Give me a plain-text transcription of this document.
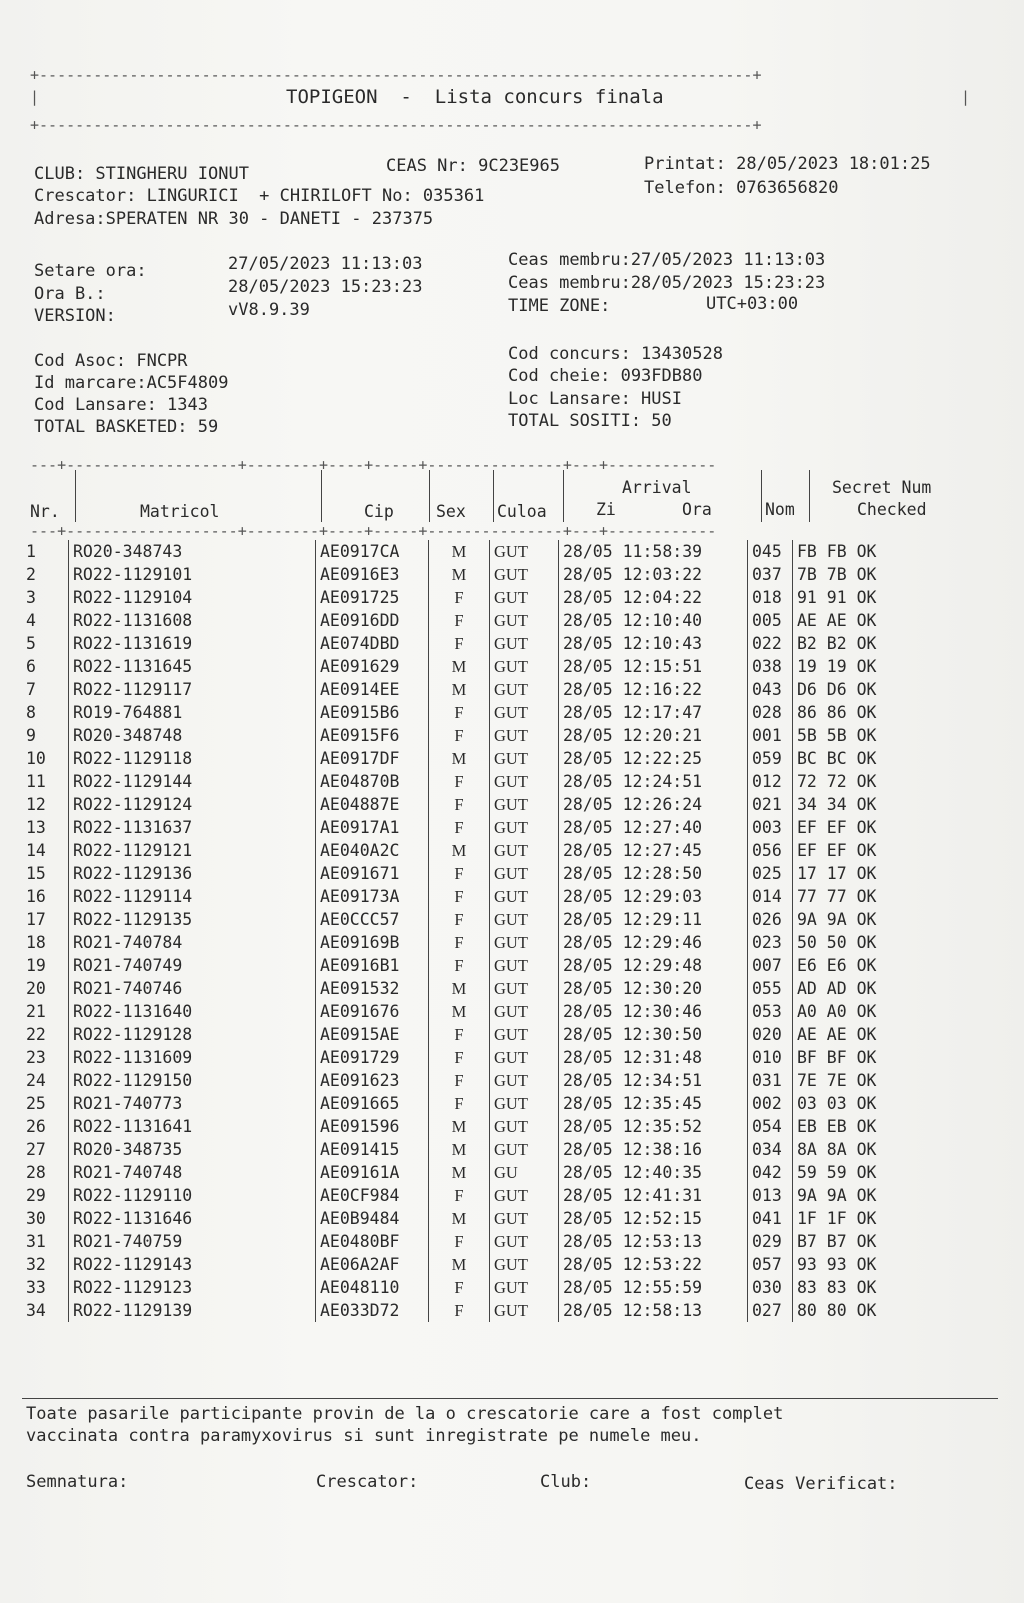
+-------------------------------------------------------------------------------+
|	|
+-------------------------------------------------------------------------------+
TOPIGEON - Lista concurs finala
CLUB: STINGHERU IONUT	CEAS Nr: 9C23E965	Printat: 28/05/2023 18:01:25
Crescator: LINGURICI  + CHIRILOFT No: 035361	Telefon: 0763656820
Adresa:SPERATEN NR 30 - DANETI - 237375
Setare ora:	27/05/2023 11:13:03
Ora B.:	28/05/2023 15:23:23
VERSION:	vV8.9.39
Ceas membru:27/05/2023 11:13:03
Ceas membru:28/05/2023 15:23:23
TIME ZONE:	UTC+03:00
Cod Asoc: FNCPR
Id marcare:AC5F4809
Cod Lansare: 1343
TOTAL BASKETED: 59
Cod concurs: 13430528
Cod cheie: 093FDB80
Loc Lansare: HUSI
TOTAL SOSITI: 50
---+-------------------+--------+----+-----+---------------+---+------------
---+-------------------+--------+----+-----+---------------+---+------------
Nr.	Matricol	Cip	Sex Culoa
Arrival
Zi	Ora	Nom
Secret Num
Checked
1	RO20-348743	AE0917CA	M	GUT	28/05 11:58:39	045	FB FB OK
2	RO22-1129101	AE0916E3	M	GUT	28/05 12:03:22	037	7B 7B OK
3	RO22-1129104	AE091725	F	GUT	28/05 12:04:22	018	91 91 OK
4	RO22-1131608	AE0916DD	F	GUT	28/05 12:10:40	005	AE AE OK
5	RO22-1131619	AE074DBD	F	GUT	28/05 12:10:43	022	B2 B2 OK
6	RO22-1131645	AE091629	M	GUT	28/05 12:15:51	038	19 19 OK
7	RO22-1129117	AE0914EE	M	GUT	28/05 12:16:22	043	D6 D6 OK
8	RO19-764881	AE0915B6	F	GUT	28/05 12:17:47	028	86 86 OK
9	RO20-348748	AE0915F6	F	GUT	28/05 12:20:21	001	5B 5B OK
10	RO22-1129118	AE0917DF	M	GUT	28/05 12:22:25	059	BC BC OK
11	RO22-1129144	AE04870B	F	GUT	28/05 12:24:51	012	72 72 OK
12	RO22-1129124	AE04887E	F	GUT	28/05 12:26:24	021	34 34 OK
13	RO22-1131637	AE0917A1	F	GUT	28/05 12:27:40	003	EF EF OK
14	RO22-1129121	AE040A2C	M	GUT	28/05 12:27:45	056	EF EF OK
15	RO22-1129136	AE091671	F	GUT	28/05 12:28:50	025	17 17 OK
16	RO22-1129114	AE09173A	F	GUT	28/05 12:29:03	014	77 77 OK
17	RO22-1129135	AE0CCC57	F	GUT	28/05 12:29:11	026	9A 9A OK
18	RO21-740784	AE09169B	F	GUT	28/05 12:29:46	023	50 50 OK
19	RO21-740749	AE0916B1	F	GUT	28/05 12:29:48	007	E6 E6 OK
20	RO21-740746	AE091532	M	GUT	28/05 12:30:20	055	AD AD OK
21	RO22-1131640	AE091676	M	GUT	28/05 12:30:46	053	A0 A0 OK
22	RO22-1129128	AE0915AE	F	GUT	28/05 12:30:50	020	AE AE OK
23	RO22-1131609	AE091729	F	GUT	28/05 12:31:48	010	BF BF OK
24	RO22-1129150	AE091623	F	GUT	28/05 12:34:51	031	7E 7E OK
25	RO21-740773	AE091665	F	GUT	28/05 12:35:45	002	03 03 OK
26	RO22-1131641	AE091596	M	GUT	28/05 12:35:52	054	EB EB OK
27	RO20-348735	AE091415	M	GUT	28/05 12:38:16	034	8A 8A OK
28	RO21-740748	AE09161A	M	GU	28/05 12:40:35	042	59 59 OK
29	RO22-1129110	AE0CF984	F	GUT	28/05 12:41:31	013	9A 9A OK
30	RO22-1131646	AE0B9484	M	GUT	28/05 12:52:15	041	1F 1F OK
31	RO21-740759	AE0480BF	F	GUT	28/05 12:53:13	029	B7 B7 OK
32	RO22-1129143	AE06A2AF	M	GUT	28/05 12:53:22	057	93 93 OK
33	RO22-1129123	AE048110	F	GUT	28/05 12:55:59	030	83 83 OK
34	RO22-1129139	AE033D72	F	GUT	28/05 12:58:13	027	80 80 OK
Toate pasarile participante provin de la o crescatorie care a fost complet
vaccinata contra paramyxovirus si sunt inregistrate pe numele meu.
Semnatura:	Crescator:	Club:	Ceas Verificat:
